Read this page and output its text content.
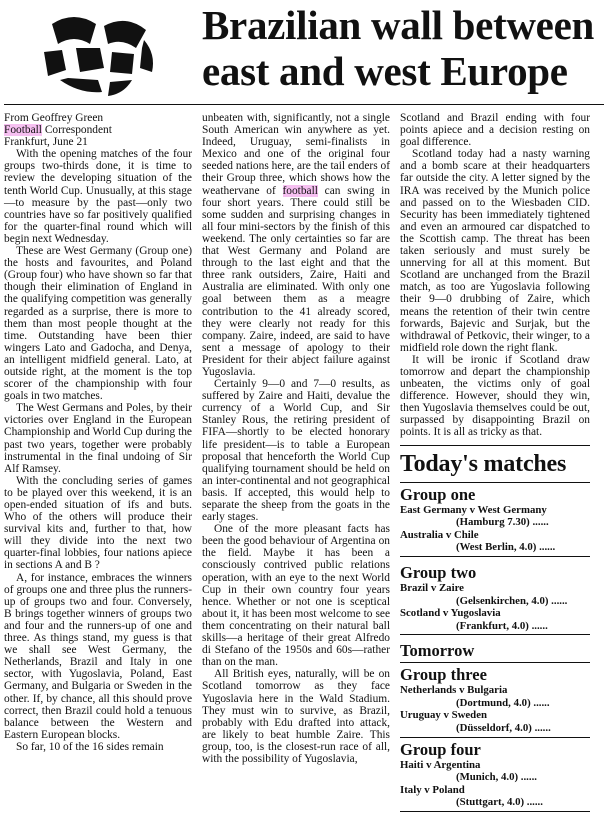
Brazilian wall between
east and west Europe
From Geoffrey Green
Football Correspondent
Frankfurt, June 21

With the opening matches of the four groups two-thirds done, it is time to review the developing situation of the tenth World Cup. Unusually, at this stage—to measure by the past—only two countries have so far positively qualified for the quarter-final round which will begin next Wednesday.

These are West Germany (Group one) the hosts and favourites, and Poland (Group four) who have shown so far that though their elimination of England in the qualifying competition was generally regarded as a surprise, there is more to them than most people thought at the time. Outstanding have been thier wingers Lato and Gadocha, and Denya, an intelligent midfield general. Lato, at outside right, at the moment is the top scorer of the championship with four goals in two matches.

The West Germans and Poles, by their victories over England in the European Championship and World Cup during the past two years, together were probably instrumental in the final undoing of Sir Alf Ramsey.

With the concluding series of games to be played over this weekend, it is an open-ended situation of ifs and buts. Who of the others will produce their survival kits and, further to that, how will they divide into the next two quarter-final lobbies, four nations apiece in sections A and B ?

A, for instance, embraces the winners of groups one and three plus the runners-up of groups two and four. Conversely, B brings together winners of groups two and four and the runners-up of one and three. As things stand, my guess is that we shall see West Germany, the Netherlands, Brazil and Italy in one sector, with Yugoslavia, Poland, East Germany, and Bulgaria or Sweden in the other. If, by chance, all this should prove correct, then Brazil could hold a tenuous balance between the Western and Eastern European blocks.

So far, 10 of the 16 sides remain

unbeaten with, significantly, not a single South American win anywhere as yet. Indeed, Uruguay, semi-finalists in Mexico and one of the original four seeded nations here, are the tail enders of their Group three, which shows how the weathervane of football can swing in four short years. There could still be some sudden and surprising changes in all four mini-sectors by the finish of this weekend. The only certainties so far are that West Germany and Poland are through to the last eight and that the three rank outsiders, Zaire, Haiti and Australia are eliminated. With only one goal between them as a meagre contribution to the 41 already scored, they were clearly not ready for this company. Zaire, indeed, are said to have sent a message of apology to their President for their abject failure against Yugoslavia.

Certainly 9—0 and 7—0 results, as suffered by Zaire and Haiti, devalue the currency of a World Cup, and Sir Stanley Rous, the retiring president of FIFA—shortly to be elected honorary life president—is to table a European proposal that henceforth the World Cup qualifying tournament should be held on an inter-continental and not geographical basis. If accepted, this would help to separate the sheep from the goats in the early stages.

One of the more pleasant facts has been the good behaviour of Argentina on the field. Maybe it has been a consciously contrived public relations operation, with an eye to the next World Cup in their own country four years hence. Whether or not one is sceptical about it, it has been most welcome to see them concentrating on their natural ball skills—a heritage of their great Alfredo di Stefano of the 1950s and 60s—rather than on the man.

All British eyes, naturally, will be on Scotland tomorrow as they face Yugoslavia here in the Wald Stadium. They must win to survive, as Brazil, probably with Edu drafted into attack, are likely to beat humble Zaire. This group, too, is the closest-run race of all, with the possibility of Yugoslavia,

Scotland and Brazil ending with four points apiece and a decision resting on goal difference.

Scotland today had a nasty warning and a bomb scare at their headquarters far outside the city. A letter signed by the IRA was received by the Munich police and passed on to the Wiesbaden CID. Security has been immediately tightened and even an armoured car dispatched to the Scottish camp. The threat has been taken seriously and must surely be unnerving for all at this moment. But Scotland are unchanged from the Brazil match, as too are Yugoslavia following their 9—0 drubbing of Zaire, which means the retention of their twin centre forwards, Bajevic and Surjak, but the withdrawal of Petkovic, their winger, to a midfield role down the right flank.

It will be ironic if Scotland draw tomorrow and depart the championship unbeaten, the victims only of goal difference. However, should they win, then Yugoslavia themselves could be out, surpassed by disappointing Brazil on points. It is all as tricky as that.

Today's matches
Group one
East Germany v West Germany
(Hamburg 7.30) ......
Australia v Chile
(West Berlin, 4.0) ......
Group two
Brazil v Zaire
(Gelsenkirchen, 4.0) ......
Scotland v Yugoslavia
(Frankfurt, 4.0) ......
Tomorrow
Group three
Netherlands v Bulgaria
(Dortmund, 4.0) ......
Uruguay v Sweden
(Düsseldorf, 4.0) ......
Group four
Haiti v Argentina
(Munich, 4.0) ......
Italy v Poland
(Stuttgart, 4.0) ......
